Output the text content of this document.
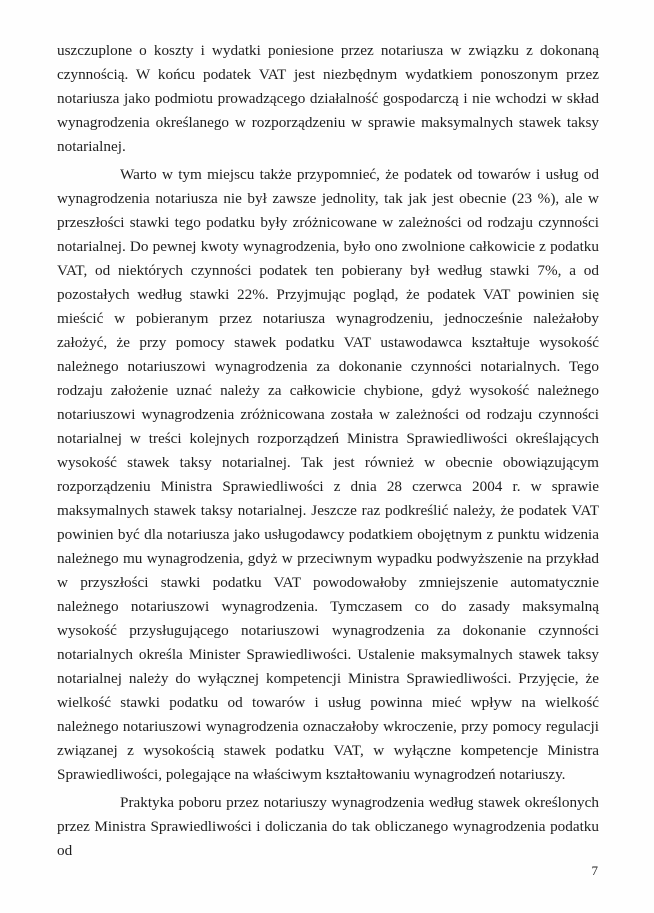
uszczuplone o koszty i wydatki poniesione przez notariusza w związku z dokonaną czynnością. W końcu podatek VAT jest niezbędnym wydatkiem ponoszonym przez notariusza jako podmiotu prowadzącego działalność gospodarczą i nie wchodzi w skład wynagrodzenia określanego w rozporządzeniu w sprawie maksymalnych stawek taksy notarialnej.

Warto w tym miejscu także przypomnieć, że podatek od towarów i usług od wynagrodzenia notariusza nie był zawsze jednolity, tak jak jest obecnie (23 %), ale w przeszłości stawki tego podatku były zróżnicowane w zależności od rodzaju czynności notarialnej. Do pewnej kwoty wynagrodzenia, było ono zwolnione całkowicie z podatku VAT, od niektórych czynności podatek ten pobierany był według stawki 7%, a od pozostałych według stawki 22%. Przyjmując pogląd, że podatek VAT powinien się mieścić w pobieranym przez notariusza wynagrodzeniu, jednocześnie należałoby założyć, że przy pomocy stawek podatku VAT ustawodawca kształtuje wysokość należnego notariuszowi wynagrodzenia za dokonanie czynności notarialnych. Tego rodzaju założenie uznać należy za całkowicie chybione, gdyż wysokość należnego notariuszowi wynagrodzenia zróżnicowana została w zależności od rodzaju czynności notarialnej w treści kolejnych rozporządzeń Ministra Sprawiedliwości określających wysokość stawek taksy notarialnej. Tak jest również w obecnie obowiązującym rozporządzeniu Ministra Sprawiedliwości z dnia 28 czerwca 2004 r. w sprawie maksymalnych stawek taksy notarialnej. Jeszcze raz podkreślić należy, że podatek VAT powinien być dla notariusza jako usługodawcy podatkiem obojętnym z punktu widzenia należnego mu wynagrodzenia, gdyż w przeciwnym wypadku podwyższenie na przykład w przyszłości stawki podatku VAT powodowałoby zmniejszenie automatycznie należnego notariuszowi wynagrodzenia. Tymczasem co do zasady maksymalną wysokość przysługującego notariuszowi wynagrodzenia za dokonanie czynności notarialnych określa Minister Sprawiedliwości. Ustalenie maksymalnych stawek taksy notarialnej należy do wyłącznej kompetencji Ministra Sprawiedliwości. Przyjęcie, że wielkość stawki podatku od towarów i usług powinna mieć wpływ na wielkość należnego notariuszowi wynagrodzenia oznaczałoby wkroczenie, przy pomocy regulacji związanej z wysokością stawek podatku VAT, w wyłączne kompetencje Ministra Sprawiedliwości, polegające na właściwym kształtowaniu wynagrodzeń notariuszy.

Praktyka poboru przez notariuszy wynagrodzenia według stawek określonych przez Ministra Sprawiedliwości i doliczania do tak obliczanego wynagrodzenia podatku od

7
